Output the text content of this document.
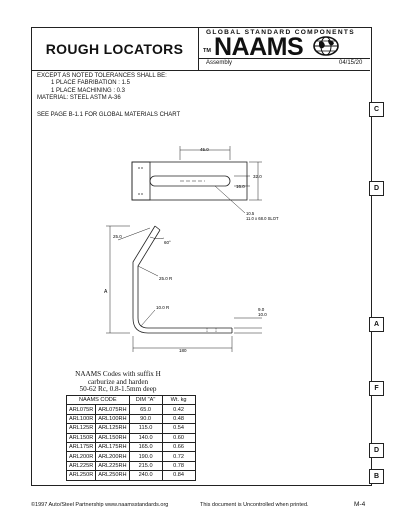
ROUGH LOCATORS
GLOBAL STANDARD COMPONENTS
TM NAAMS
Assembly	04/15/20
EXCEPT AS NOTED TOLERANCES SHALL BE:
1 PLACE FABRIBATION : 1.5
1 PLACE MACHINING : 0.3
MATERIAL: STEEL ASTM A-36
SEE PAGE B-1.1 FOR GLOBAL MATERIALS CHART
C
D
A
F
D
B
45.0
32.0
16.0
10.5
11.0 x 68.0 SLOT
25.0
60°
25.0 R
A
10.0 R	9.0
10.0
180
NAAMS Codes with suffix H
carburize and harden
50-62 Rc, 0.8-1.5mm deep
NAAMS CODE		DIM "A"	Wt. kg
ARL075R	ARL075RH	65.0	0.42
ARL100R	ARL100RH	90.0	0.48
ARL125R	ARL125RH	115.0	0.54
ARL150R	ARL150RH	140.0	0.60
ARL175R	ARL175RH	165.0	0.66
ARL200R	ARL200RH	190.0	0.72
ARL225R	ARL225RH	215.0	0.78
ARL250R	ARL250RH	240.0	0.84
©1997 Auto/Steel Partnership www.naamsstandards.org	This document is Uncontrolled when printed.	M-4
